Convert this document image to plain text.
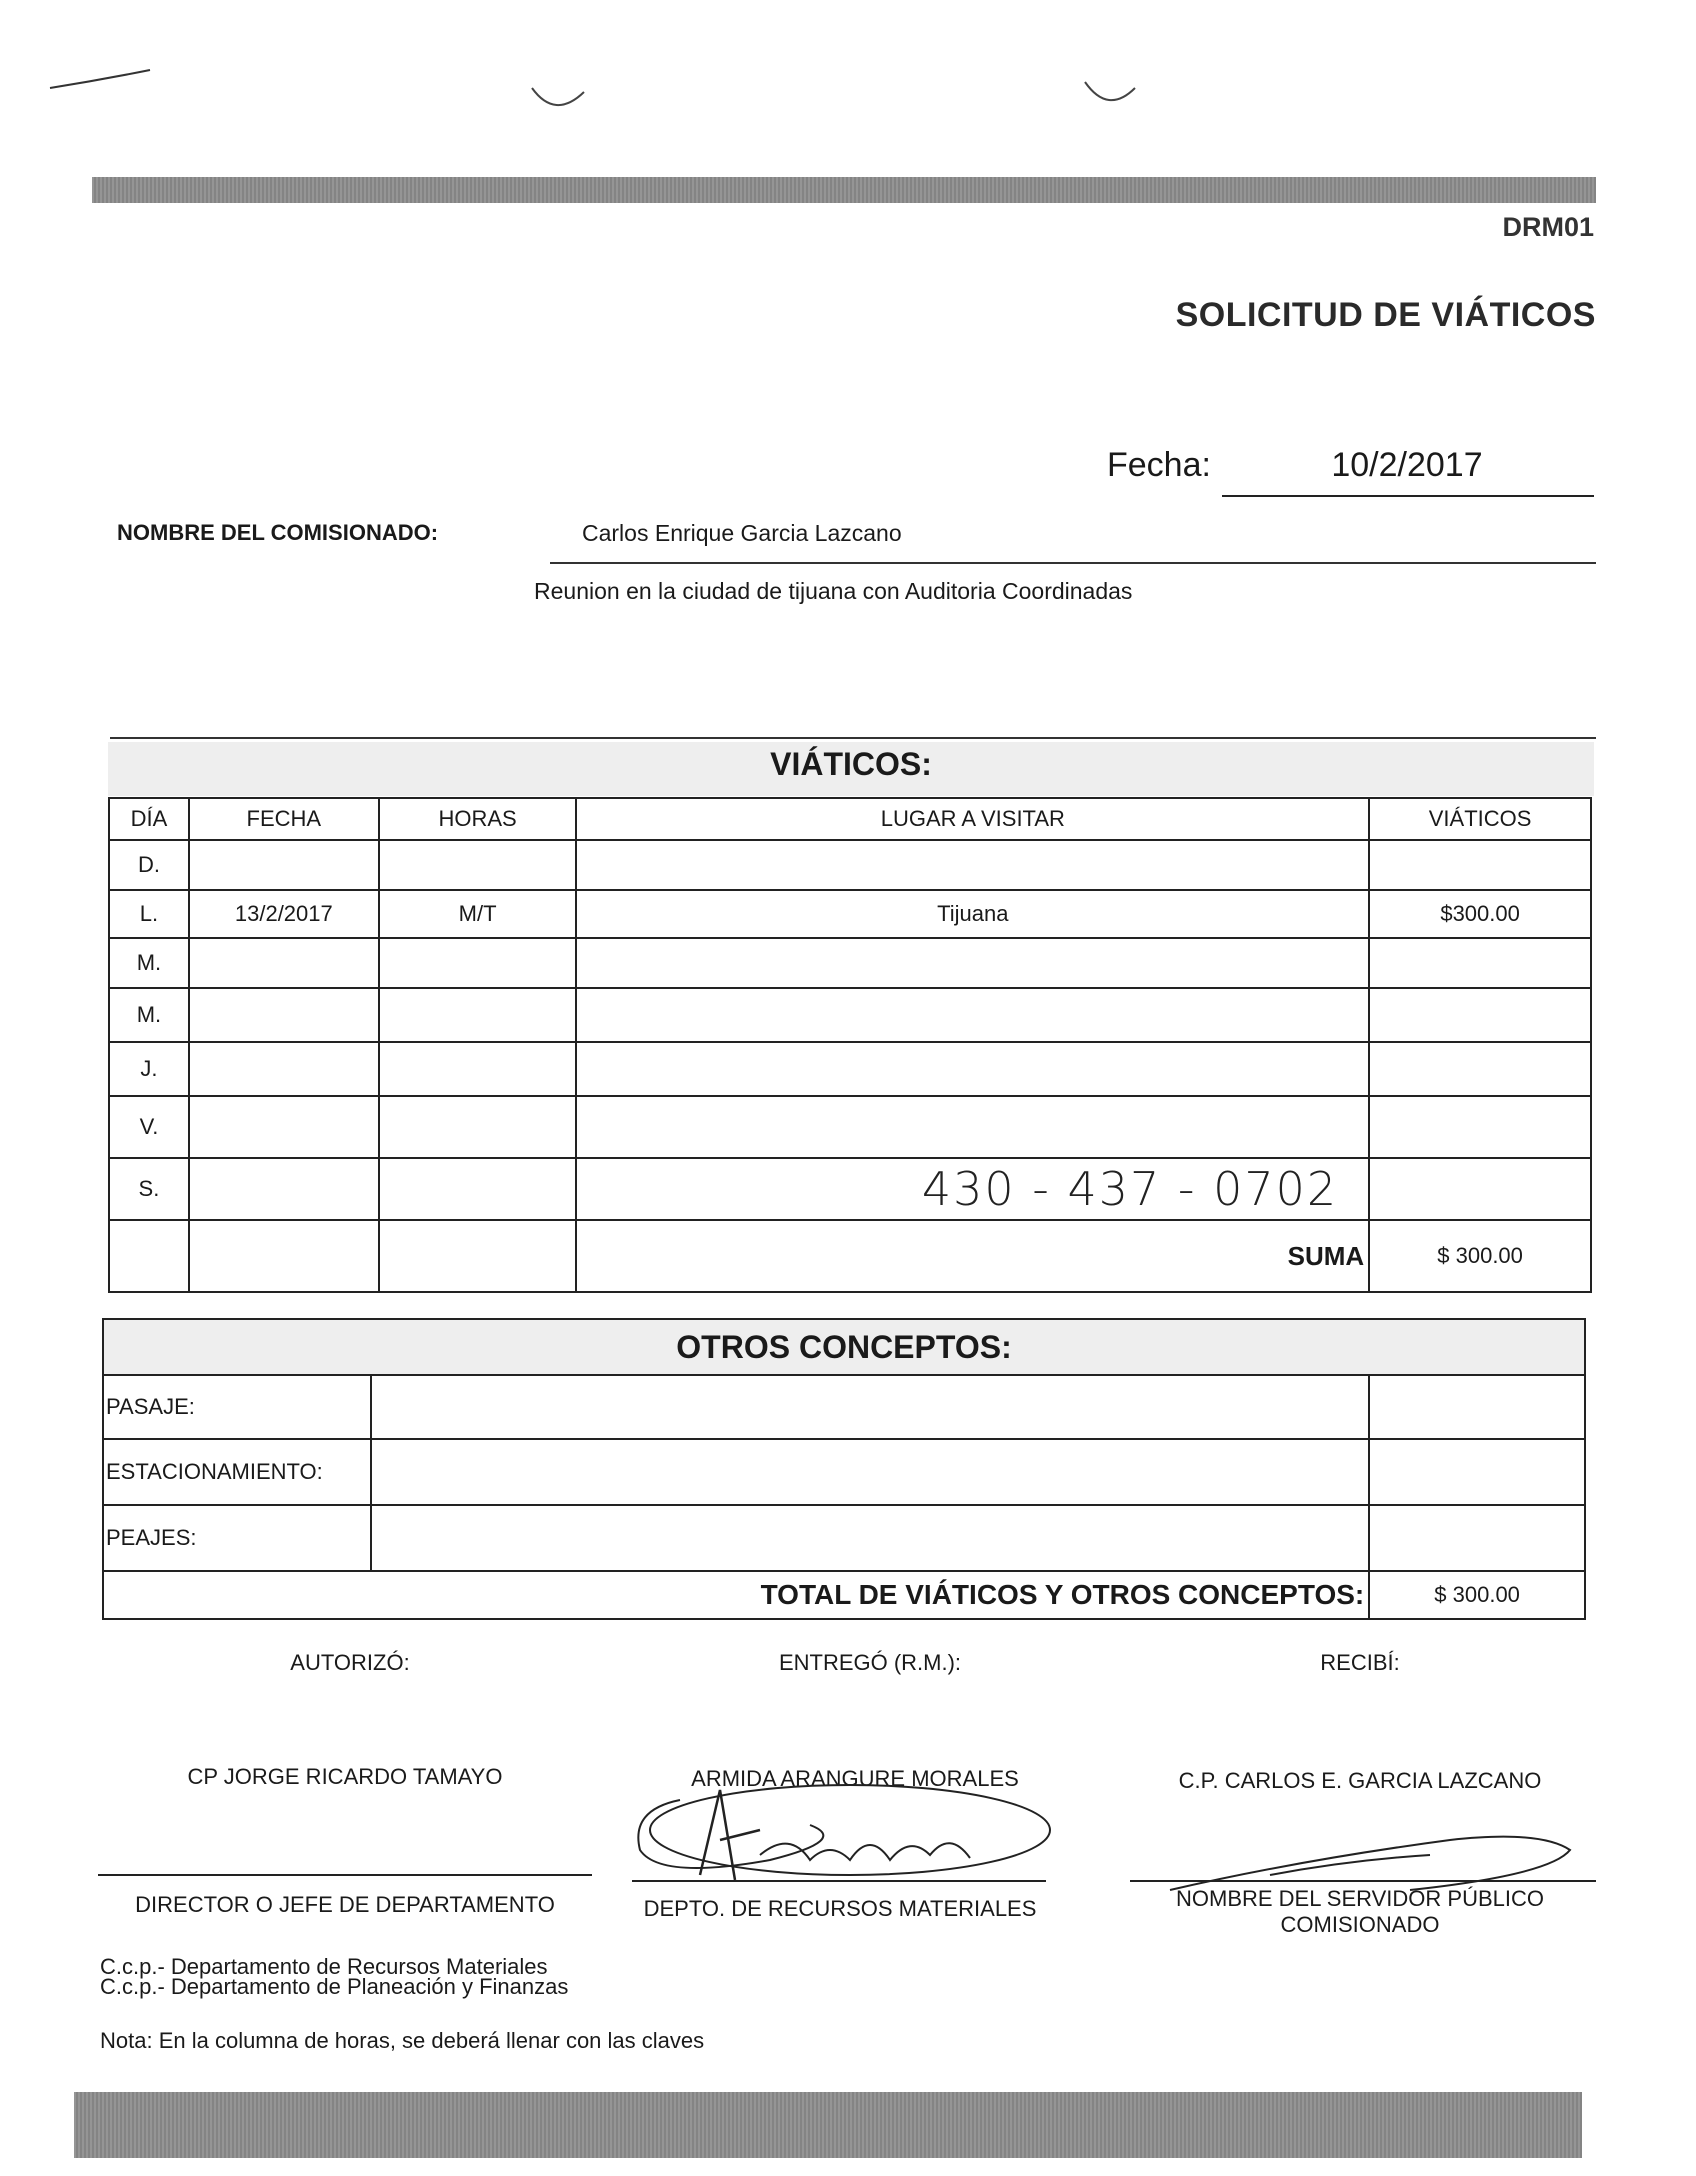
DRM01
SOLICITUD DE VIÁTICOS
Fecha:	10/2/2017
NOMBRE DEL COMISIONADO:	Carlos Enrique Garcia Lazcano
Reunion en la ciudad de tijuana con Auditoria Coordinadas
VIÁTICOS:
DÍA	FECHA	HORAS	LUGAR A VISITAR	VIÁTICOS
D.				
L.	13/2/2017	M/T	Tijuana	$300.00
M.				
M.				
J.				
V.				
S.			430 - 437 - 0702	
			SUMA	$ 300.00
OTROS CONCEPTOS:		
PASAJE:		
ESTACIONAMIENTO:		
PEAJES:		
TOTAL DE VIÁTICOS Y OTROS CONCEPTOS:		$ 300.00
AUTORIZÓ:	ENTREGÓ (R.M.):	RECIBÍ:
CP JORGE RICARDO TAMAYO	ARMIDA ARANGURE MORALES	C.P. CARLOS E. GARCIA LAZCANO
DIRECTOR O JEFE DE DEPARTAMENTO	DEPTO. DE RECURSOS MATERIALES	NOMBRE DEL SERVIDOR PÚBLICO
COMISIONADO
C.c.p.- Departamento de Recursos Materiales
C.c.p.- Departamento de Planeación y Finanzas
Nota: En la columna de horas, se deberá llenar con las claves
